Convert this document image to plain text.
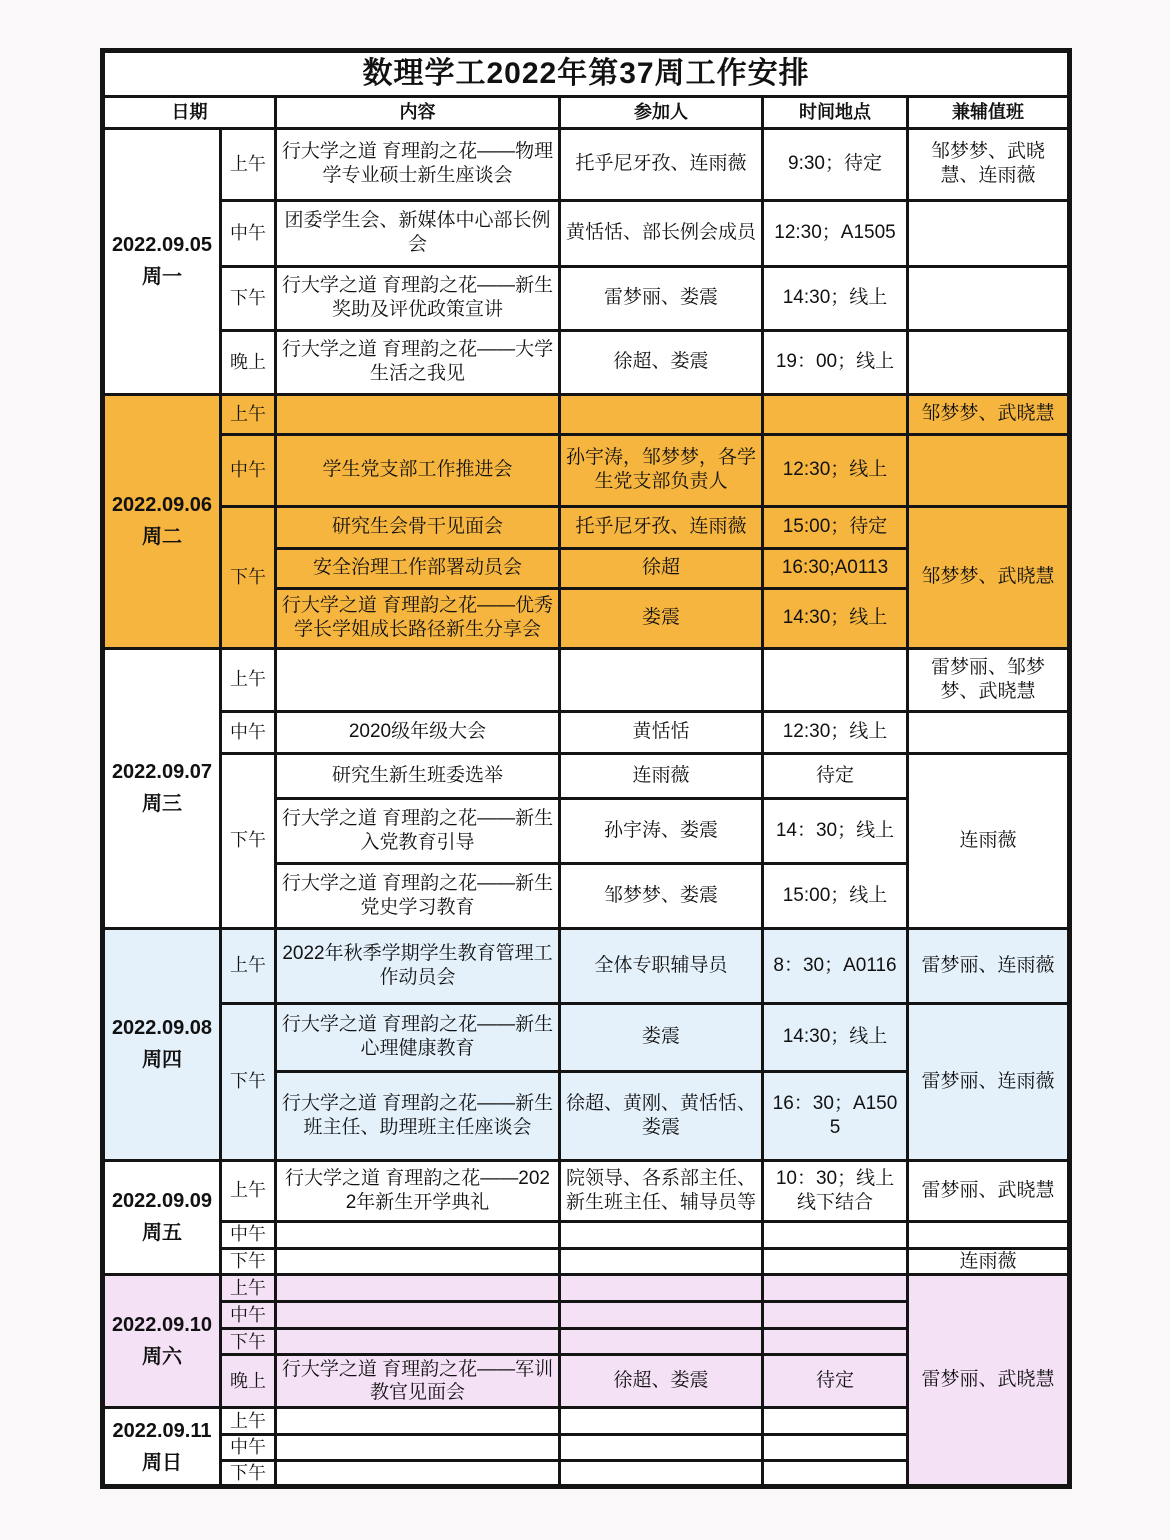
数理学工2022年第37周工作安排					
日期		内容	参加人	时间地点	兼辅值班

2022.09.05
周一	上午	行大学之道 育理韵之花——物理学专业硕士新生座谈会	托乎尼牙孜、连雨薇	9:30；待定	邹梦梦、武晓慧、连雨薇
	中午	团委学生会、新媒体中心部长例会	黄恬恬、部长例会成员	12:30；A1505	
	下午	行大学之道 育理韵之花——新生奖助及评优政策宣讲	雷梦丽、娄震	14:30；线上	
	晚上	行大学之道 育理韵之花——大学生活之我见	徐超、娄震	19：00；线上	

2022.09.06
周二	上午				邹梦梦、武晓慧
	中午	学生党支部工作推进会	孙宇涛，邹梦梦，各学生党支部负责人	12:30；线上	
	下午	研究生会骨干见面会	托乎尼牙孜、连雨薇	15:00；待定	邹梦梦、武晓慧
		安全治理工作部署动员会	徐超	16:30;A0113	
		行大学之道 育理韵之花——优秀学长学姐成长路径新生分享会	娄震	14:30；线上	

2022.09.07
周三	上午				雷梦丽、邹梦梦、武晓慧
	中午	2020级年级大会	黄恬恬	12:30；线上	
	下午	研究生新生班委选举	连雨薇	待定	连雨薇
		行大学之道 育理韵之花——新生入党教育引导	孙宇涛、娄震	14：30；线上	
		行大学之道 育理韵之花——新生党史学习教育	邹梦梦、娄震	15:00；线上	

2022.09.08
周四	上午	2022年秋季学期学生教育管理工作动员会	全体专职辅导员	8：30；A0116	雷梦丽、连雨薇
	下午	行大学之道 育理韵之花——新生心理健康教育	娄震	14:30；线上	雷梦丽、连雨薇
		行大学之道 育理韵之花——新生班主任、助理班主任座谈会	徐超、黄刚、黄恬恬、娄震	16：30；A1505	

2022.09.09
周五	上午	行大学之道 育理韵之花——2022年新生开学典礼	院领导、各系部主任、新生班主任、辅导员等	10：30；线上线下结合	雷梦丽、武晓慧
	中午				
	下午				连雨薇

2022.09.10
周六	上午				雷梦丽、武晓慧
	中午				
	下午				
	晚上	行大学之道 育理韵之花——军训教官见面会	徐超、娄震	待定	

2022.09.11
周日	上午				
	中午				
	下午				
